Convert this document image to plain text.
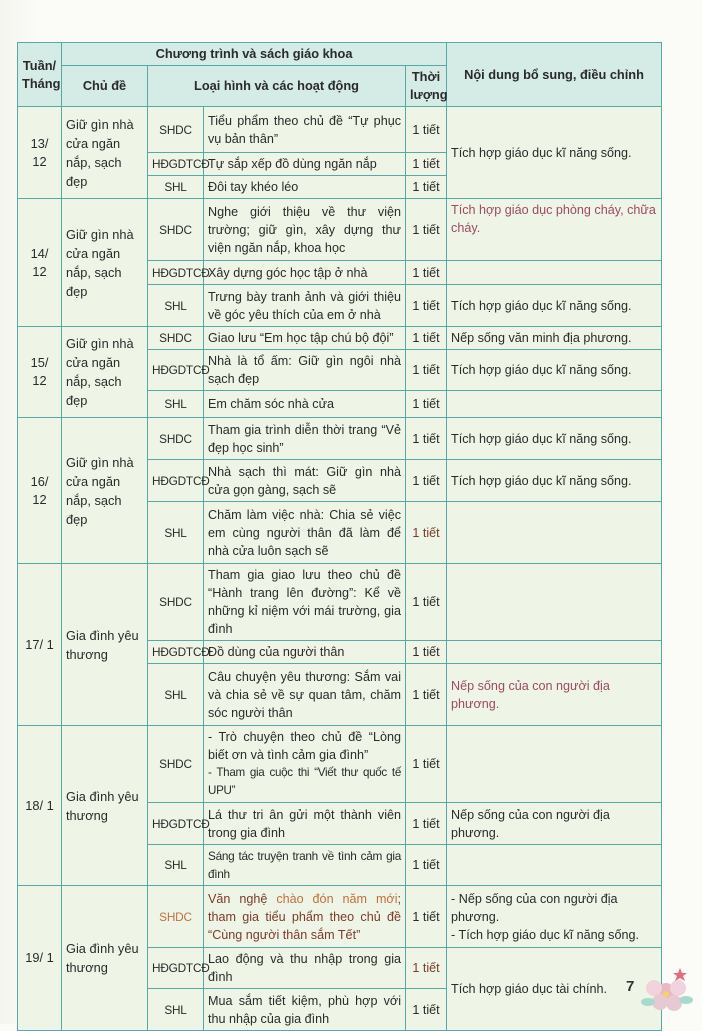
Tuần/ Tháng	Chương trình và sách giáo khoa				Nội dung bổ sung, điều chỉnh
	Chủ đề	Loại hình và các hoạt động		Thời lượng	
13/ 12	Giữ gìn nhà cửa ngăn nắp, sạch đẹp	SHDC	Tiểu phẩm theo chủ đề “Tự phục vụ bản thân”	1 tiết	Tích hợp giáo dục kĩ năng sống.
		HĐGDTCĐ	Tự sắp xếp đồ dùng ngăn nắp	1 tiết	
		SHL	Đôi tay khéo léo	1 tiết	
14/ 12	Giữ gìn nhà cửa ngăn nắp, sạch đẹp	SHDC	Nghe giới thiệu về thư viện trường; giữ gìn, xây dựng thư viện ngăn nắp, khoa học	1 tiết	Tích hợp giáo dục phòng cháy, chữa cháy.
		HĐGDTCĐ	Xây dựng góc học tập ở nhà	1 tiết	
		SHL	Trưng bày tranh ảnh và giới thiệu về góc yêu thích của em ở nhà	1 tiết	Tích hợp giáo dục kĩ năng sống.
15/ 12	Giữ gìn nhà cửa ngăn nắp, sạch đẹp	SHDC	Giao lưu “Em học tập chú bộ đội”	1 tiết	Nếp sống văn minh địa phương.
		HĐGDTCĐ	Nhà là tổ ấm: Giữ gìn ngôi nhà sạch đẹp	1 tiết	Tích hợp giáo dục kĩ năng sống.
		SHL	Em chăm sóc nhà cửa	1 tiết	
16/ 12	Giữ gìn nhà cửa ngăn nắp, sạch đẹp	SHDC	Tham gia trình diễn thời trang “Vẻ đẹp học sinh”	1 tiết	Tích hợp giáo dục kĩ năng sống.
		HĐGDTCĐ	Nhà sạch thì mát: Giữ gìn nhà cửa gọn gàng, sạch sẽ	1 tiết	Tích hợp giáo dục kĩ năng sống.
		SHL	Chăm làm việc nhà: Chia sẻ việc em cùng người thân đã làm để nhà cửa luôn sạch sẽ	1 tiết	
17/ 1	Gia đình yêu thương	SHDC	Tham gia giao lưu theo chủ đề “Hành trang lên đường”: Kể về những kỉ niệm với mái trường, gia đình	1 tiết	
		HĐGDTCĐ	Đồ dùng của người thân	1 tiết	
		SHL	Câu chuyện yêu thương: Sắm vai và chia sẻ về sự quan tâm, chăm sóc người thân	1 tiết	Nếp sống của con người địa phương.
18/ 1	Gia đình yêu thương	SHDC	- Trò chuyện theo chủ đề “Lòng biết ơn và tình cảm gia đình”
- Tham gia cuộc thi “Viết thư quốc tế UPU”	1 tiết	
		HĐGDTCĐ	Lá thư tri ân gửi một thành viên trong gia đình	1 tiết	Nếp sống của con người địa phương.
		SHL	Sáng tác truyện tranh về tình cảm gia đình	1 tiết	
19/ 1	Gia đình yêu thương	SHDC	Văn nghệ chào đón năm mới; tham gia tiểu phẩm theo chủ đề “Cùng người thân sắm Tết”	1 tiết	- Nếp sống của con người địa phương.
- Tích hợp giáo dục kĩ năng sống.

		HĐGDTCĐ	Lao động và thu nhập trong gia đình	1 tiết	Tích hợp giáo dục tài chính.
		SHL	Mua sắm tiết kiệm, phù hợp với thu nhập của gia đình	1 tiết	
7
